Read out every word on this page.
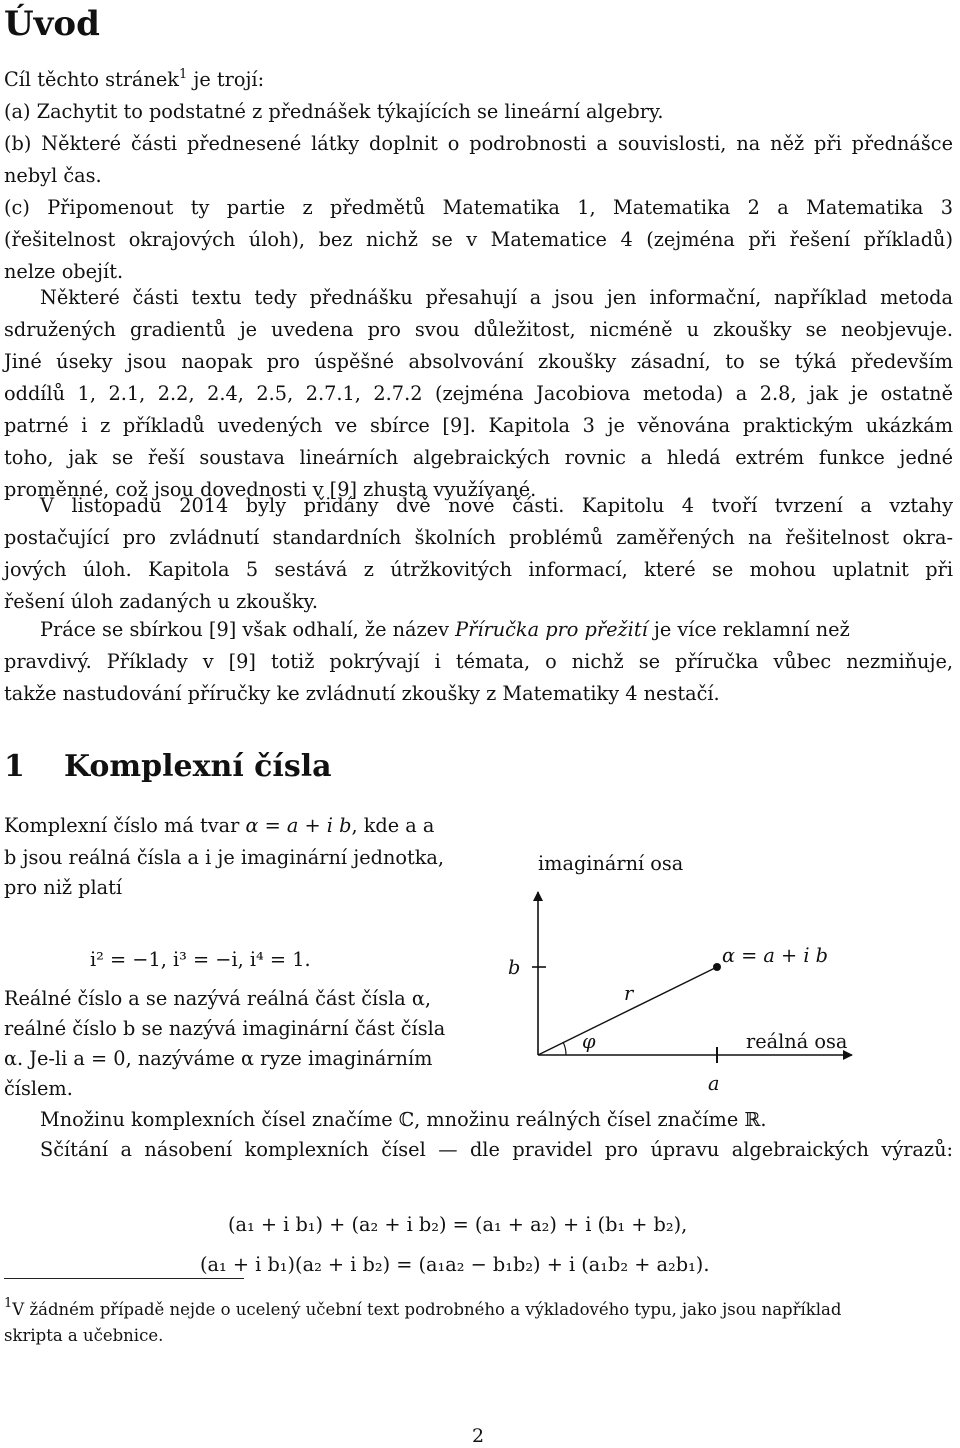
Úvod

Cíl těchto stránek$^1$ je trojí:

(a) Zachytit to podstatné z přednášek týkajících se lineární algebry.

(b) Některé části přednesené látky doplnit o podrobnosti a souvislosti, na něž při přednášce

nebyl čas.

(c) Připomenout ty partie z předmětů Matematika 1, Matematika 2 a Matematika 3

(řešitelnost okrajových úloh), bez nichž se v Matematice 4 (zejména při řešení příkladů)

nelze obejít.

Některé části textu tedy přednášku přesahují a jsou jen informační, například metoda

sdružených gradientů je uvedena pro svou důležitost, nicméně u zkoušky se neobjevuje.

Jiné úseky jsou naopak pro úspěšné absolvování zkoušky zásadní, to se týká především

oddílů 1, 2.1, 2.2, 2.4, 2.5, 2.7.1, 2.7.2 (zejména Jacobiova metoda) a 2.8, jak je ostatně

patrné i z příkladů uvedených ve sbírce [9]. Kapitola 3 je věnována praktickým ukázkám

toho, jak se řeší soustava lineárních algebraických rovnic a hledá extrém funkce jedné

proměnné, což jsou dovednosti v [9] zhusta využívané.

V listopadu 2014 byly přidány dvě nové části. Kapitolu 4 tvoří tvrzení a vztahy

postačující pro zvládnutí standardních školních problémů zaměřených na řešitelnost okra-

jových úloh. Kapitola 5 sestává z útržkovitých informací, které se mohou uplatnit při

řešení úloh zadaných u zkoušky.

Práce se sbírkou [9] však odhalí, že název Příručka pro přežití je více reklamní než

pravdivý. Příklady v [9] totiž pokrývají i témata, o nichž se příručka vůbec nezmiňuje,

takže nastudování příručky ke zvládnutí zkoušky z Matematiky 4 nestačí.

1 Komplexní čísla

Komplexní číslo má tvar α = a + i b, kde a a

b jsou reálná čísla a i je imaginární jednotka,

pro niž platí

i² = −1, i³ = −i, i⁴ = 1.

Reálné číslo a se nazývá reálná část čísla α,

reálné číslo b se nazývá imaginární část čísla

α. Je-li a = 0, nazýváme α ryze imaginárním

číslem.

Množinu komplexních čísel značíme ℂ, množinu reálných čísel značíme ℝ.

Sčítání a násobení komplexních čísel — dle pravidel pro úpravu algebraických výrazů:

(a₁ + i b₁) + (a₂ + i b₂) = (a₁ + a₂) + i (b₁ + b₂),

(a₁ + i b₁)(a₂ + i b₂) = (a₁a₂ − b₁b₂) + i (a₁b₂ + a₂b₁).

imaginární osa
reálná osa
α = a + i b
b
a
r
φ

$^1$V žádném případě nejde o ucelený učební text podrobného a výkladového typu, jako jsou například

skripta a učebnice.

2
